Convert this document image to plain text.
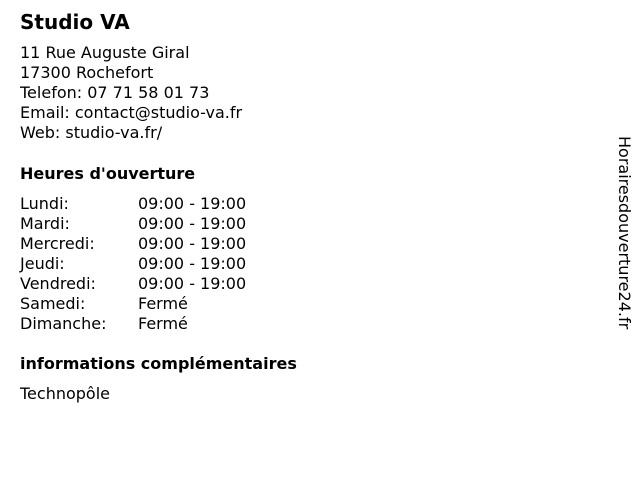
Studio VA
11 Rue Auguste Giral
17300 Rochefort
Telefon: 07 71 58 01 73
Email: contact@studio-va.fr
Web: studio-va.fr/
Heures d'ouverture
Lundi:	09:00 - 19:00
Mardi:	09:00 - 19:00
Mercredi:	09:00 - 19:00
Jeudi:	09:00 - 19:00
Vendredi:	09:00 - 19:00
Samedi:	Fermé
Dimanche:	Fermé
informations complémentaires
Technopôle
Horairesdouverture24.fr
